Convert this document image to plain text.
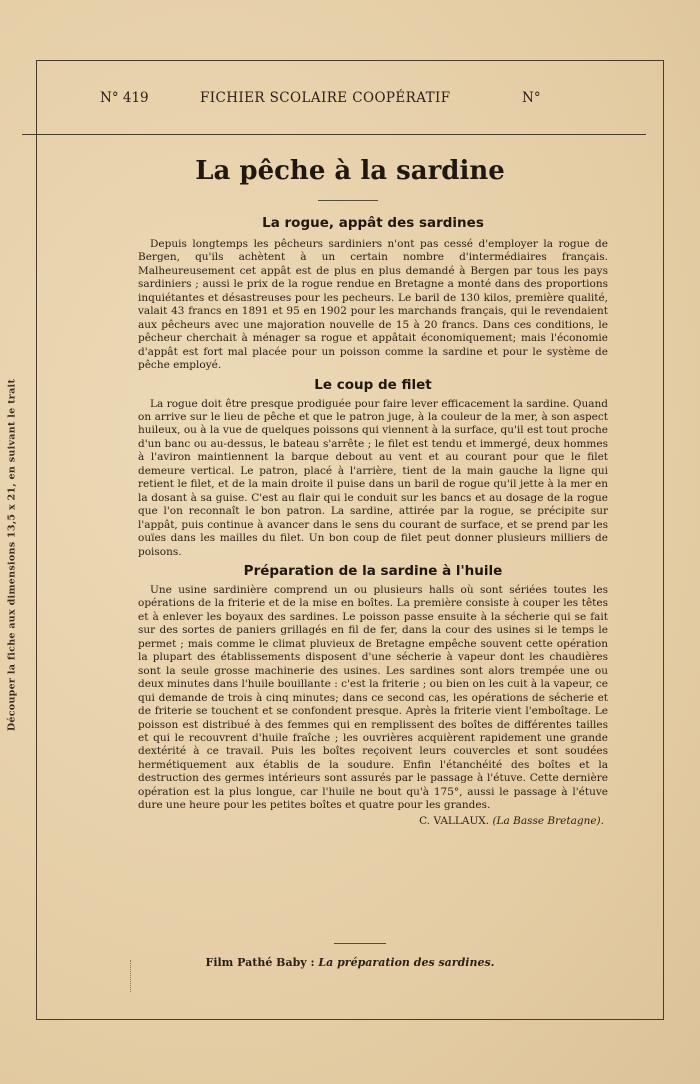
Découper la fiche aux dimensions 13,5 x 21, en suivant le trait
N° 419	FICHIER SCOLAIRE COOPÉRATIF	N°
La pêche à la sardine
La rogue, appât des sardines

Depuis longtemps les pêcheurs sardiniers n'ont pas cessé d'employer la rogue de Bergen, qu'ils achètent à un certain nombre d'intermédiaires français. Malheureusement cet appât est de plus en plus demandé à Bergen par tous les pays sardiniers ; aussi le prix de la rogue rendue en Bretagne a monté dans des proportions inquiétantes et désastreuses pour les pecheurs. Le baril de 130 kilos, première qualité, valait 43 francs en 1891 et 95 en 1902 pour les marchands français, qui le revendaient aux pêcheurs avec une majoration nouvelle de 15 à 20 francs. Dans ces conditions, le pêcheur cherchait à ménager sa rogue et appâtait économiquement; mais l'économie d'appât est fort mal placée pour un poisson comme la sardine et pour le système de pêche employé.

Le coup de filet

La rogue doit être presque prodiguée pour faire lever efficacement la sardine. Quand on arrive sur le lieu de pêche et que le patron juge, à la couleur de la mer, à son aspect huileux, ou à la vue de quelques poissons qui viennent à la surface, qu'il est tout proche d'un banc ou au-dessus, le bateau s'arrête ; le filet est tendu et immergé, deux hommes à l'aviron maintiennent la barque debout au vent et au courant pour que le filet demeure vertical. Le patron, placé à l'arrière, tient de la main gauche la ligne qui retient le filet, et de la main droite il puise dans un baril de rogue qu'il jette à la mer en la dosant à sa guise. C'est au flair qui le conduit sur les bancs et au dosage de la rogue que l'on reconnaît le bon patron. La sardine, attirée par la rogue, se précipite sur l'appât, puis continue à avancer dans le sens du courant de surface, et se prend par les ouïes dans les mailles du filet. Un bon coup de filet peut donner plusieurs milliers de poisons.

Préparation de la sardine à l'huile

Une usine sardinière comprend un ou plusieurs halls où sont sériées toutes les opérations de la friterie et de la mise en boîtes. La première consiste à couper les têtes et à enlever les boyaux des sardines. Le poisson passe ensuite à la sécherie qui se fait sur des sortes de paniers grillagés en fil de fer, dans la cour des usines si le temps le permet ; mais comme le climat pluvieux de Bretagne empêche souvent cette opération la plupart des établissements disposent d'une sécherie à vapeur dont les chaudières sont la seule grosse machinerie des usines. Les sardines sont alors trempée une ou deux minutes dans l'huile bouillante : c'est la friterie ; ou bien on les cuit à la vapeur, ce qui demande de trois à cinq minutes; dans ce second cas, les opérations de sécherie et de friterie se touchent et se confondent presque. Après la friterie vient l'emboîtage. Le poisson est distribué à des femmes qui en remplissent des boîtes de différentes tailles et qui le recouvrent d'huile fraîche ; les ouvrières acquièrent rapidement une grande dextérité à ce travail. Puis les boîtes reçoivent leurs couvercles et sont soudées hermétiquement aux établis de la soudure. Enfin l'étanchéité des boîtes et la destruction des germes intérieurs sont assurés par le passage à l'étuve. Cette dernière opération est la plus longue, car l'huile ne bout qu'à 175°, aussi le passage à l'étuve dure une heure pour les petites boîtes et quatre pour les grandes.

C. VALLAUX. (La Basse Bretagne).
Film Pathé Baby : La préparation des sardines.
